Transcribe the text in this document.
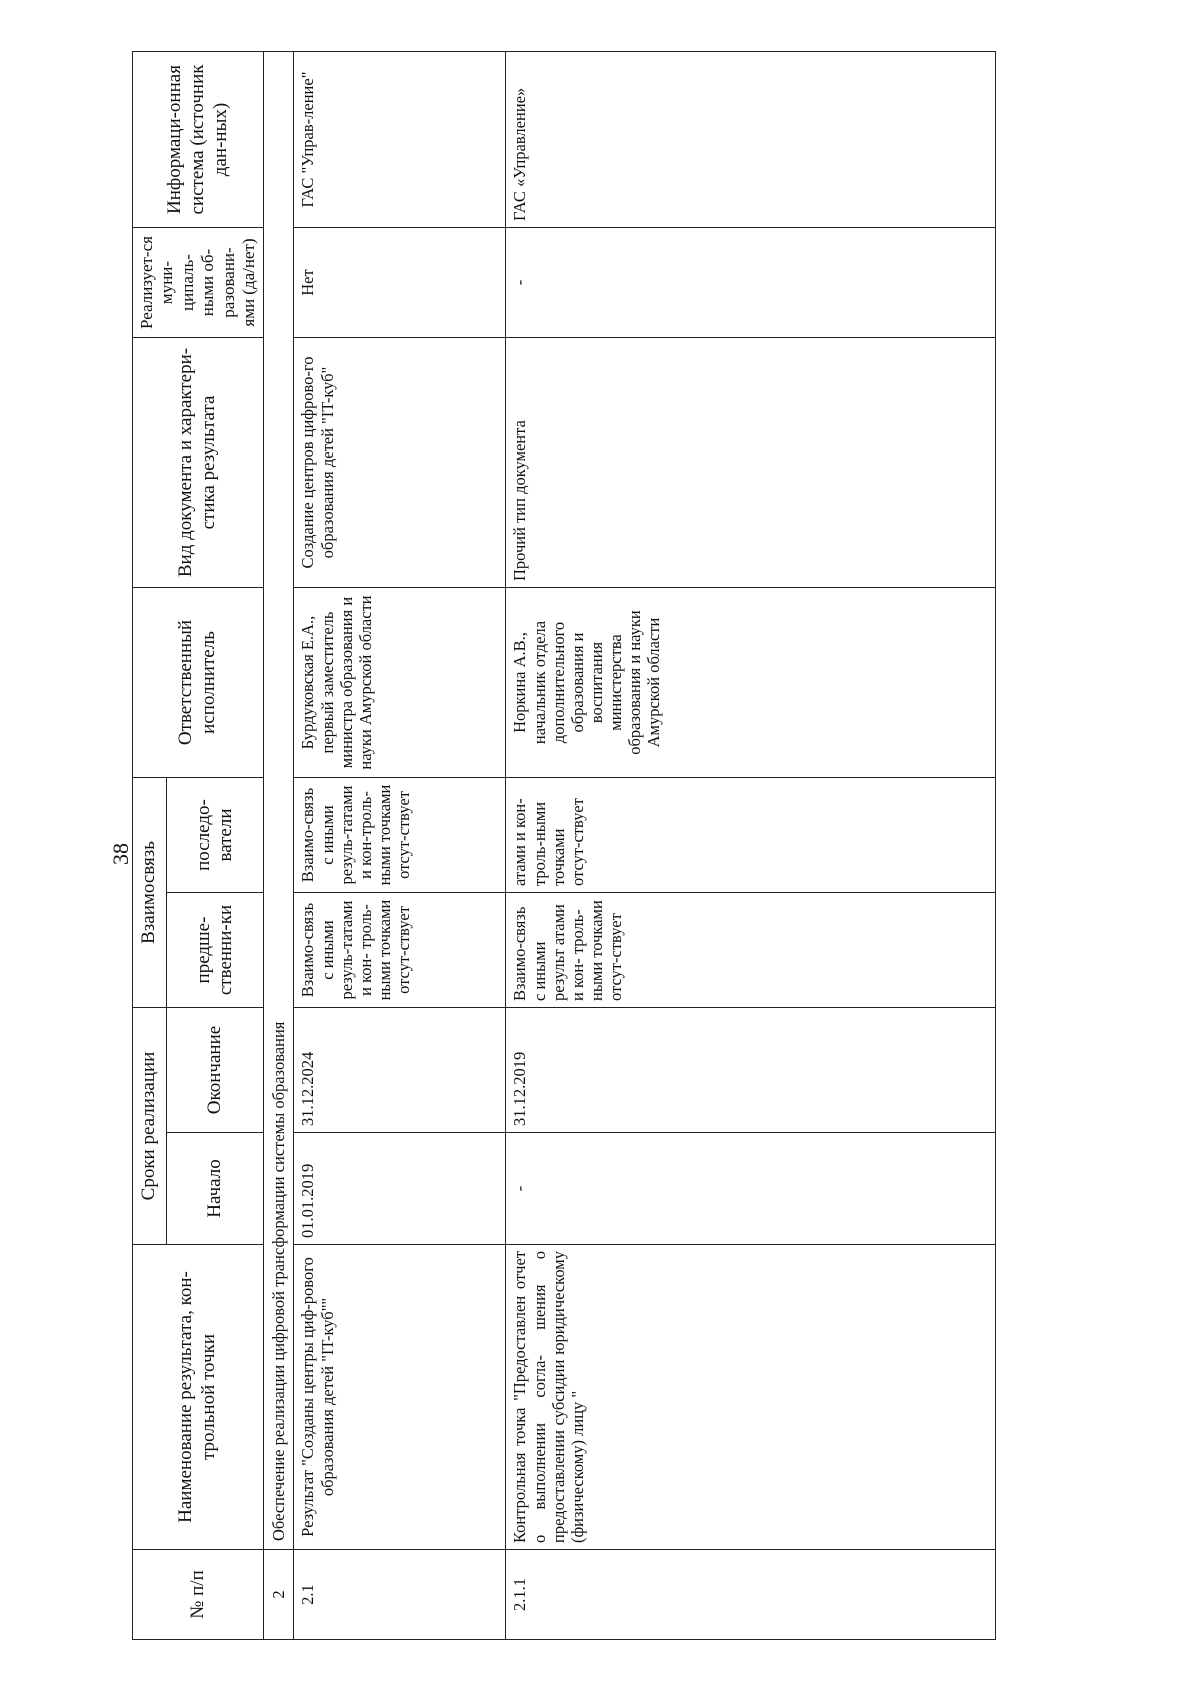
38
№ п/п	Наименование результата, кон-трольной точки	Сроки реализации		Взаимосвязь		Ответственный исполнитель	Вид документа и характери-стика результата	Реализует-ся муни-ципаль-ными об-разовани-ями (да/нет)	Информаци-онная система (источник дан-ных)
		Начало	Окончание	предше-ственни-ки	последо-ватели				
2	Обеспечение реализации цифровой трансформации системы образования								
2.1	Результат "Созданы центры циф-рового образования детей "IT-куб""	01.01.2019	31.12.2024	Взаимо-связь с иными резуль-татами и кон- троль-ными точками отсут-ствует	Взаимо-связь с иными резуль-татами и кон-троль-ными точками отсут-ствует	Бурдуковская Е.А., первый заместитель министра образования и науки Амурской области	Создание центров цифрово-го образования детей "IT-куб"	Нет	ГАС "Управ-ление"
2.1.1	Контрольная точка "Предоставлен отчет о выполнении согла- шения о предоставлении субсидии юридическому (физическому) лицу "	-	31.12.2019	Взаимо-связь с иными результ атами и кон- троль-ными точками отсут-ствует	атами и кон-троль-ными точками отсут-ствует	Норкина А.В., начальник отдела дополнительного образования и воспитания министерства образования и науки Амурской области	Прочий тип документа	-	ГАС «Управление»
